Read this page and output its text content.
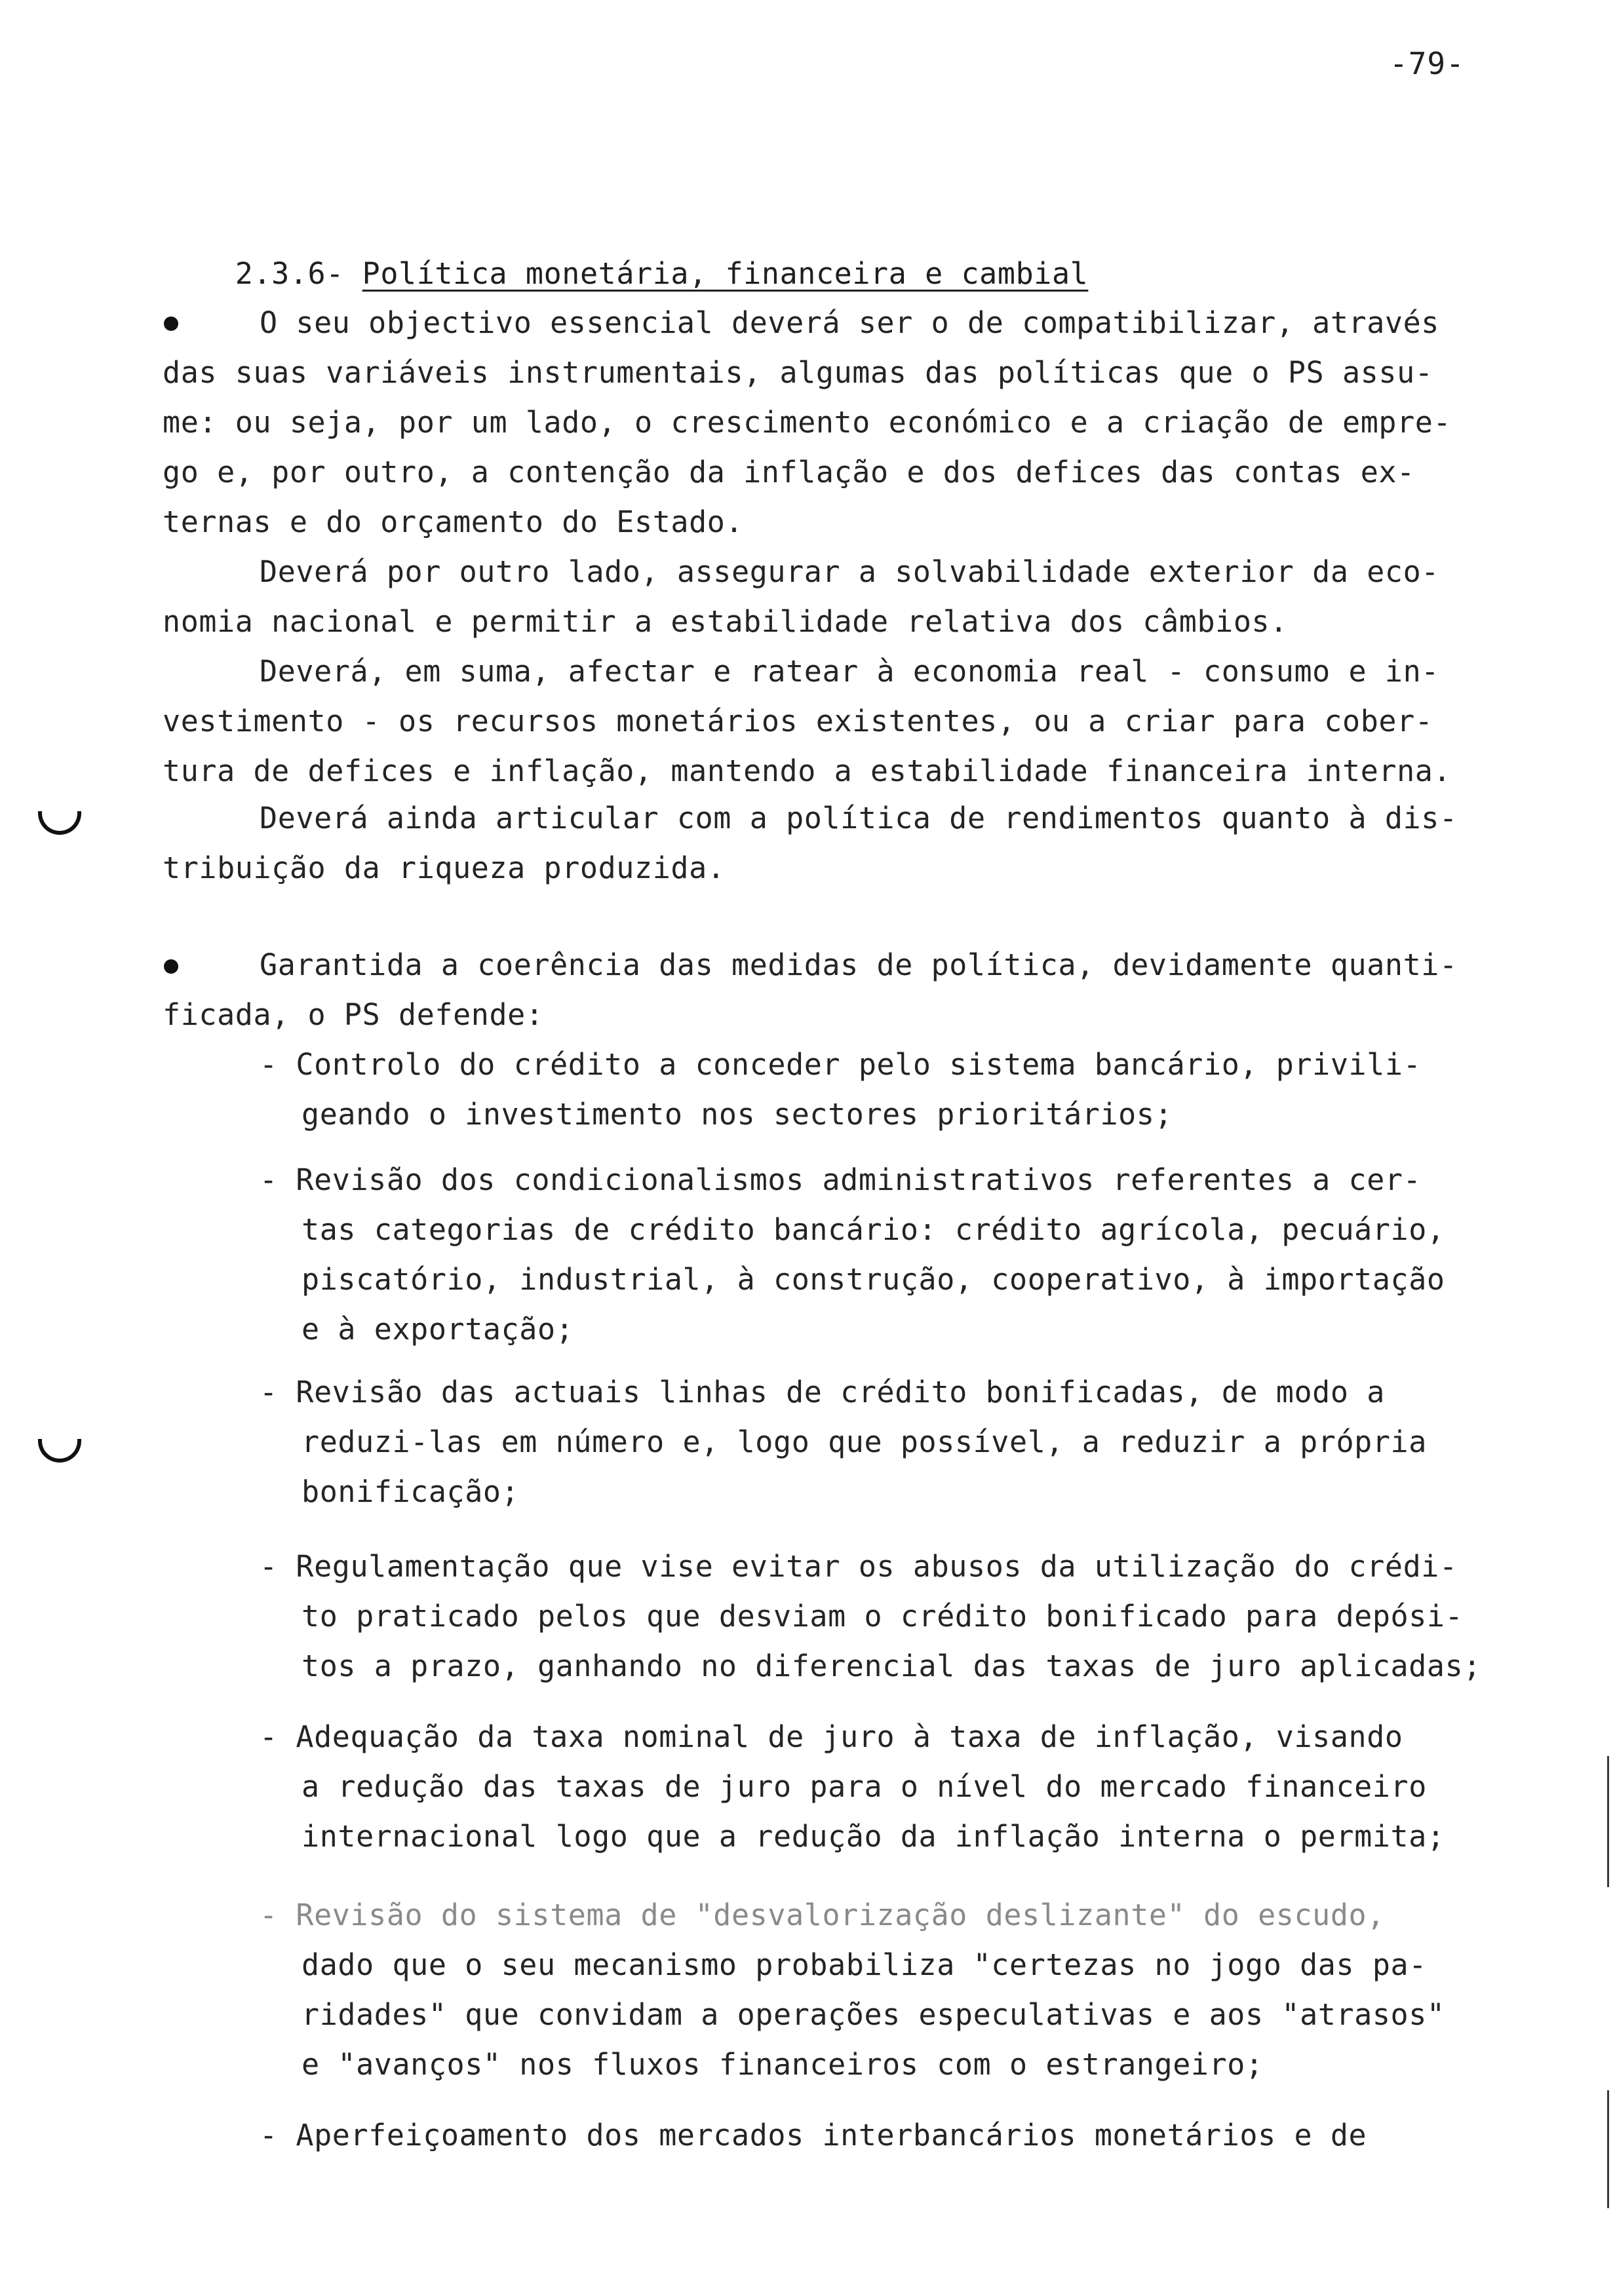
-79-

2.3.6- Política monetária, financeira e cambial

O seu objectivo essencial deverá ser o de compatibilizar, através
das suas variáveis instrumentais, algumas das políticas que o PS assu-
me: ou seja, por um lado, o crescimento económico e a criação de empre-
go e, por outro, a contenção da inflação e dos defices das contas ex-
ternas e do orçamento do Estado.
Deverá por outro lado, assegurar a solvabilidade exterior da eco-
nomia nacional e permitir a estabilidade relativa dos câmbios.
Deverá, em suma, afectar e ratear à economia real - consumo e in-
vestimento - os recursos monetários existentes, ou a criar para cober-
tura de defices e inflação, mantendo a estabilidade financeira interna.
Deverá ainda articular com a política de rendimentos quanto à dis-
tribuição da riqueza produzida.
Garantida a coerência das medidas de política, devidamente quanti-
ficada, o PS defende:
- Controlo do crédito a conceder pelo sistema bancário, privili-
geando o investimento nos sectores prioritários;
- Revisão dos condicionalismos administrativos referentes a cer-
tas categorias de crédito bancário: crédito agrícola, pecuário,
piscatório, industrial, à construção, cooperativo, à importação
e à exportação;
- Revisão das actuais linhas de crédito bonificadas, de modo a
reduzi-las em número e, logo que possível, a reduzir a própria
bonificação;
- Regulamentação que vise evitar os abusos da utilização do crédi-
to praticado pelos que desviam o crédito bonificado para depósi-
tos a prazo, ganhando no diferencial das taxas de juro aplicadas;
- Adequação da taxa nominal de juro à taxa de inflação, visando
a redução das taxas de juro para o nível do mercado financeiro
internacional logo que a redução da inflação interna o permita;
- Revisão do sistema de "desvalorização deslizante" do escudo,
dado que o seu mecanismo probabiliza "certezas no jogo das pa-
ridades" que convidam a operações especulativas e aos "atrasos"
e "avanços" nos fluxos financeiros com o estrangeiro;
- Aperfeiçoamento dos mercados interbancários monetários e de
